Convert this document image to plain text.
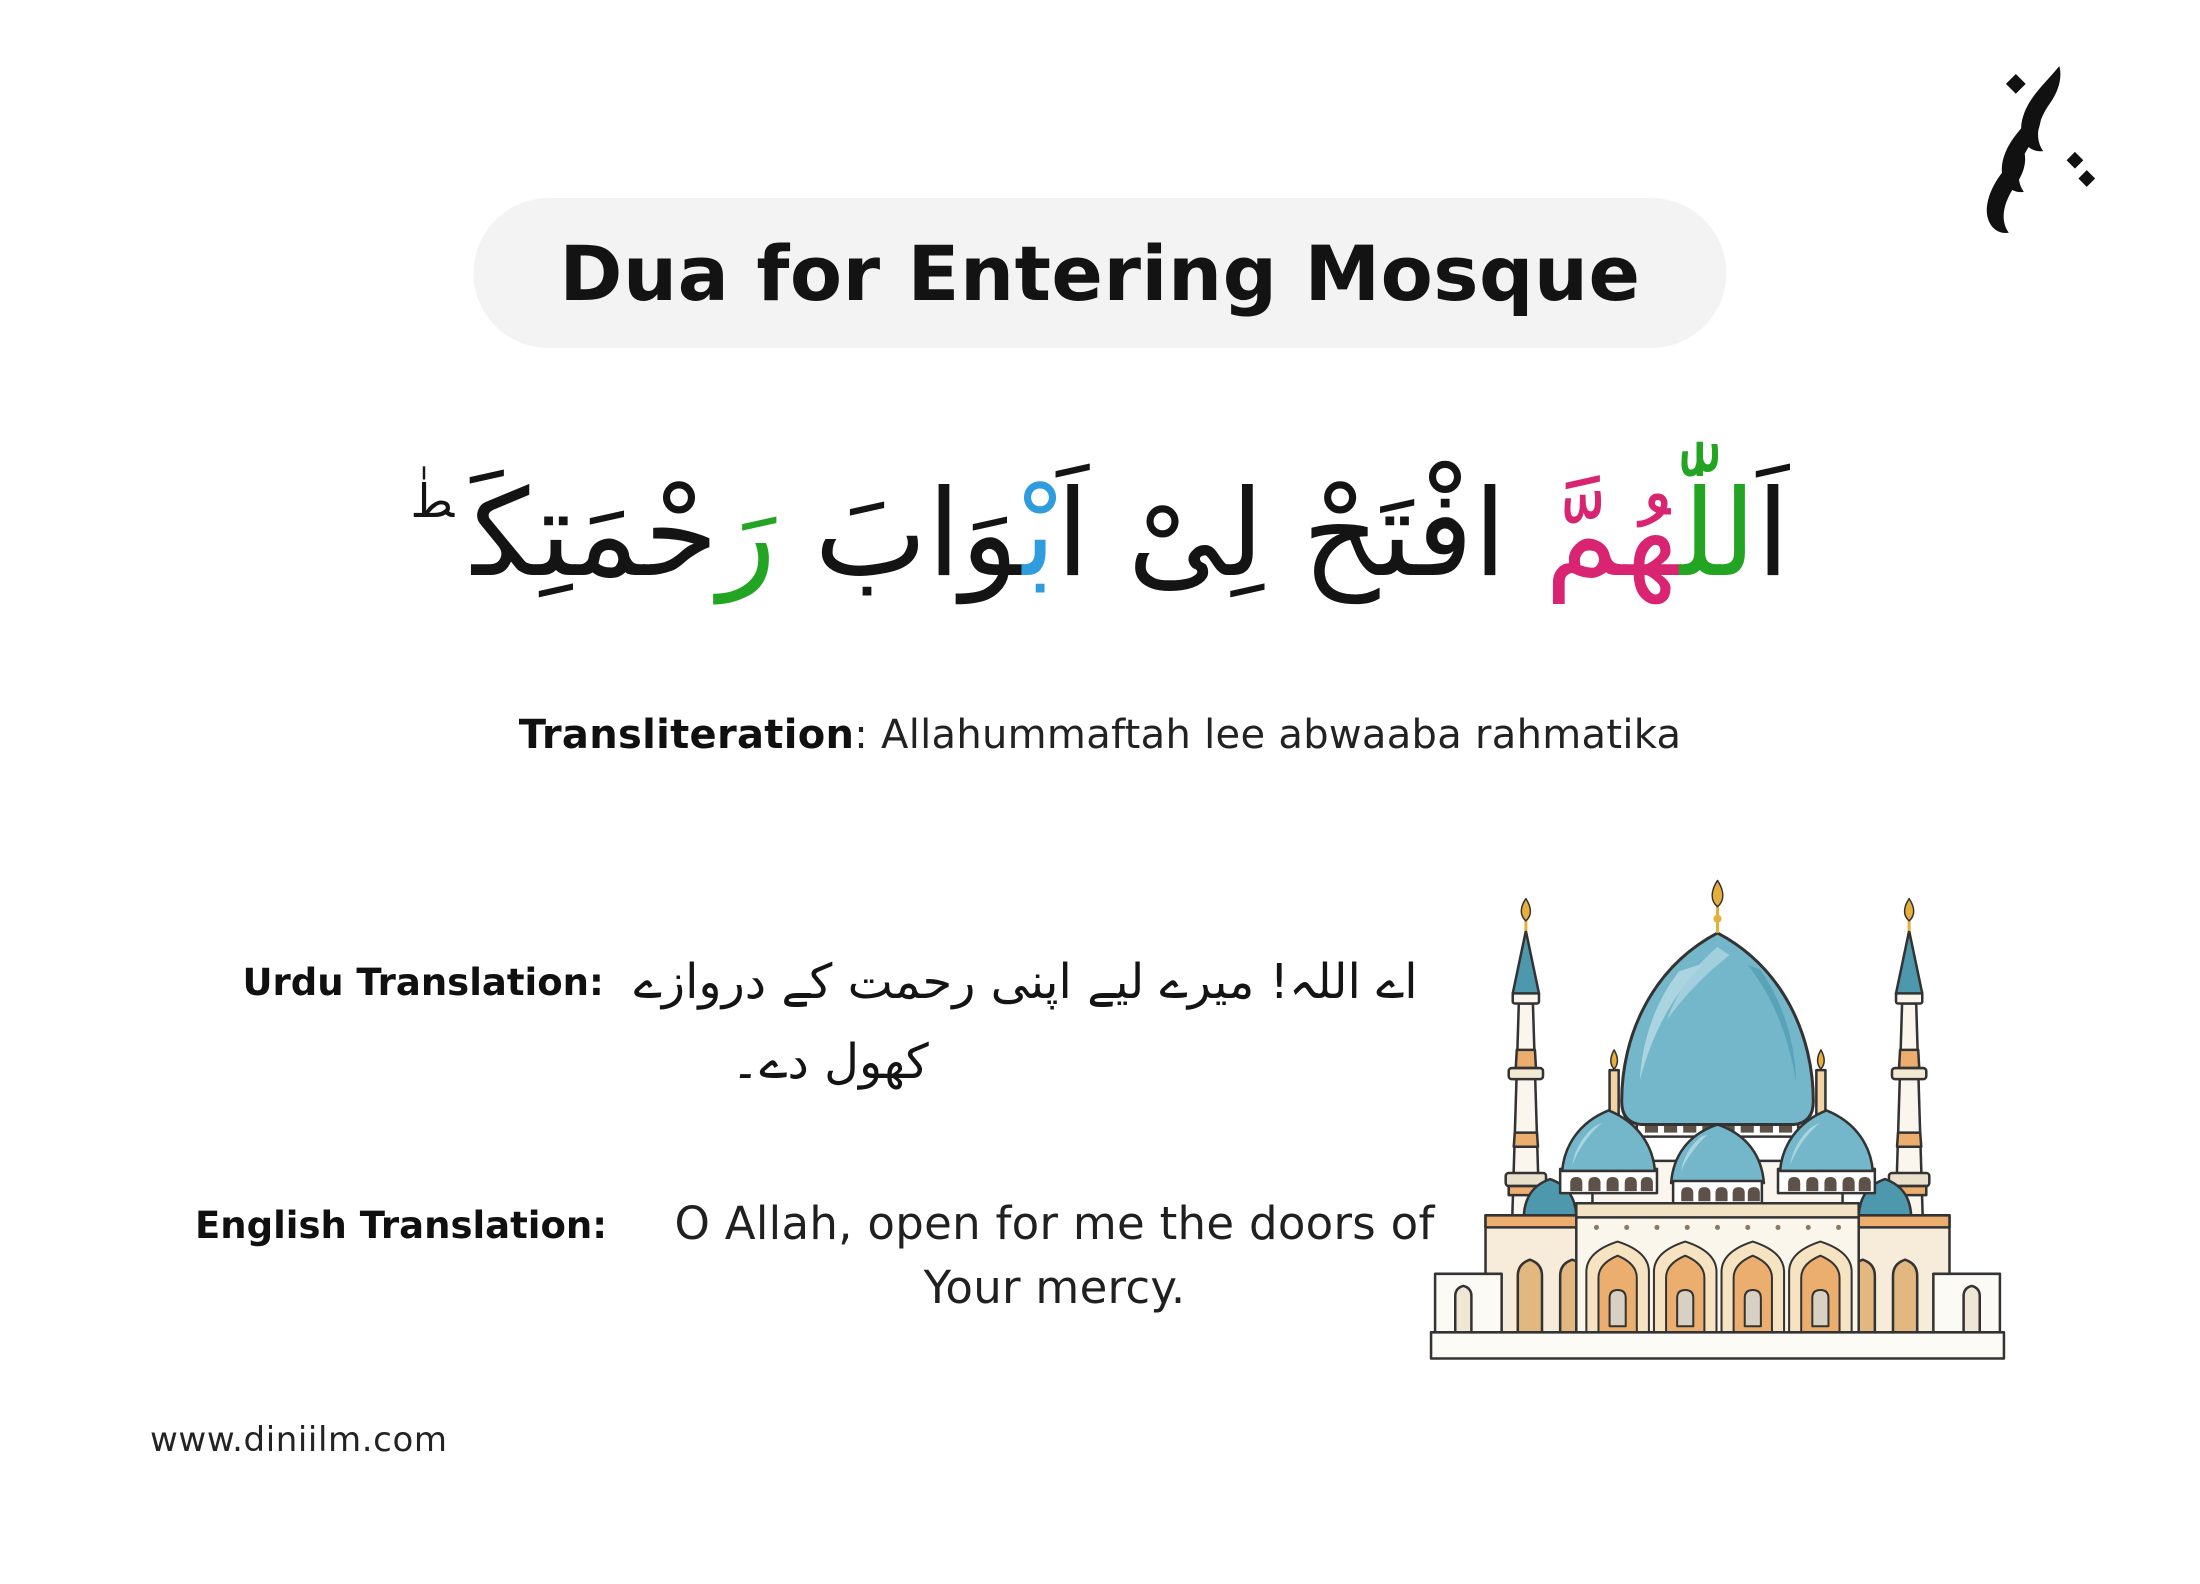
Dua for Entering Mosque
اَللّٰهُمَّ افْتَحْ لِىْ اَبْوَابَ رَحْمَتِكَ$^{طٰ}$
Transliteration: Allahummaftah lee abwaaba rahmatika
Urdu Translation: اے اللہ! میرے لیے اپنی رحمت کے دروازے
کھول دے۔
English Translation:	O Allah, open for me the doors of
Your mercy.
www.diniilm.com
